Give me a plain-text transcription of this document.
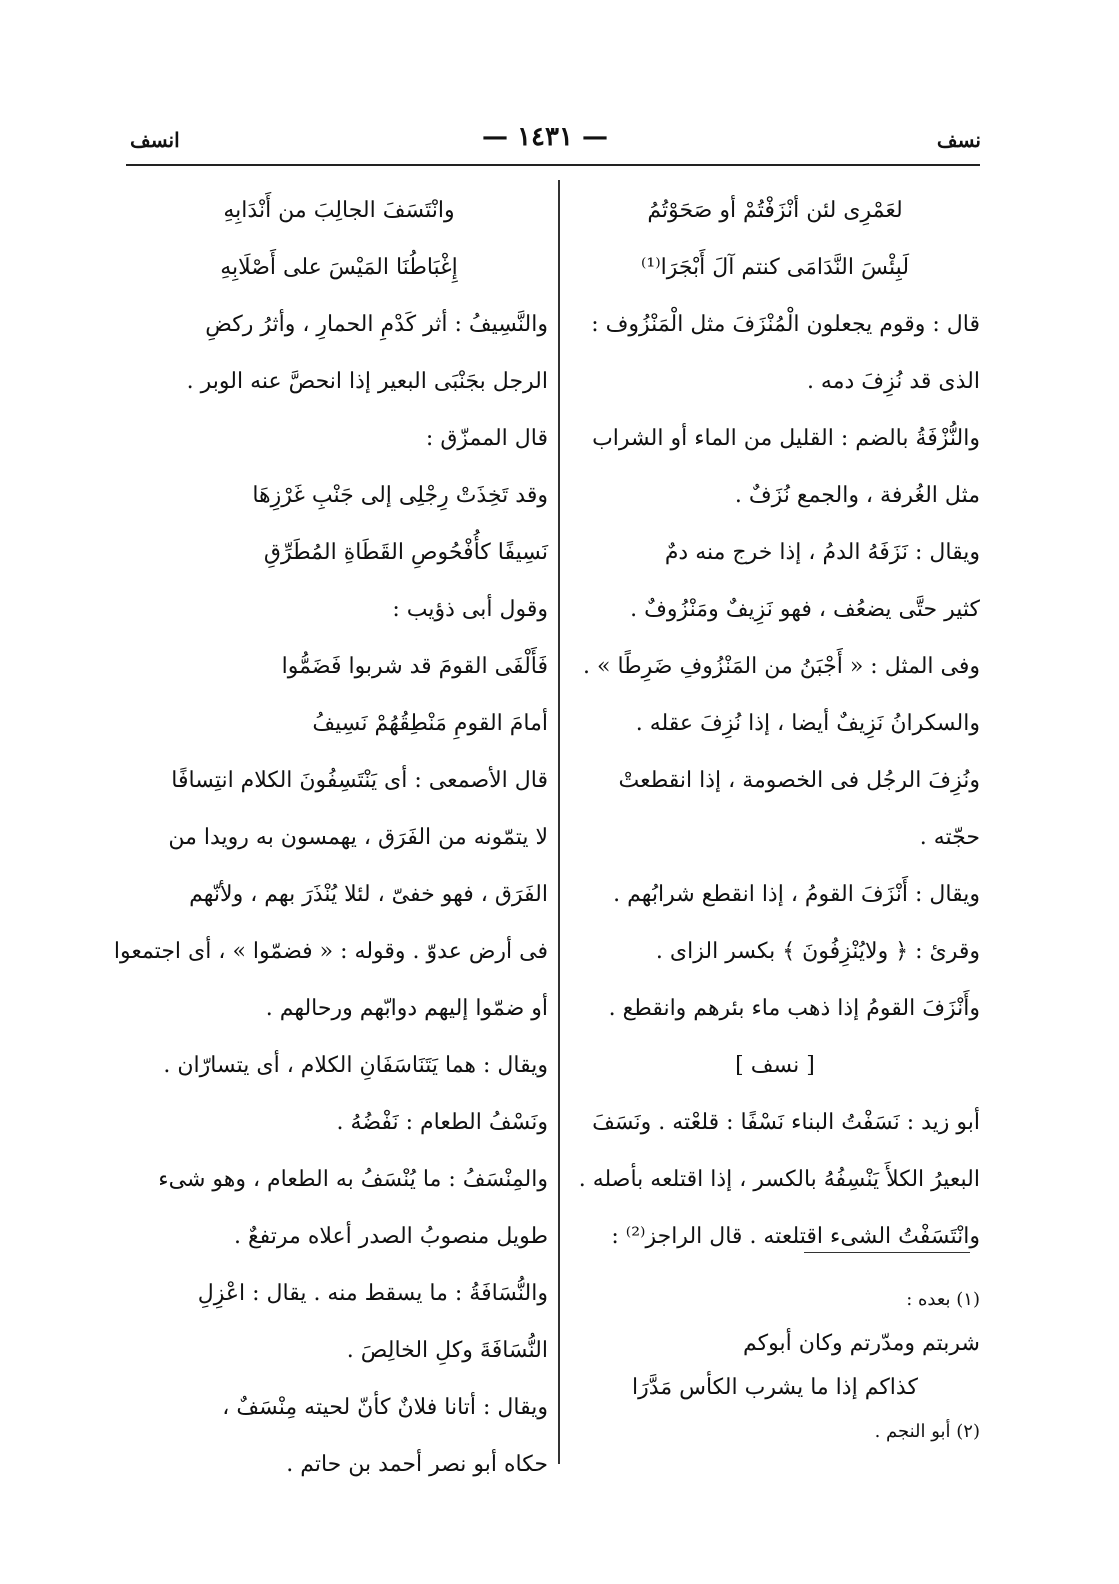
نسف
— ١٤٣١ —
انسف
لعَمْرِى لئن أنْزَفْتُمْ أو صَحَوْتُمُ
لَبِئْسَ النَّدَامَى كنتم آلَ أَبْجَرَا⁽¹⁾
قال : وقوم يجعلون الْمُنْزَفَ مثل الْمَنْزُوف :
الذى قد نُزِفَ دمه .
والنُّزْفَةُ بالضم : القليل من الماء أو الشراب
مثل الغُرفة ، والجمع نُزَفٌ .
ويقال : نَزَفَهُ الدمُ ، إذا خرج منه دمٌ
كثير حتَّى يضعُف ، فهو نَزِيفٌ ومَنْزُوفٌ .
وفى المثل : « أَجْبَنُ من المَنْزُوفِ ضَرِطًا » .
والسكرانُ نَزِيفٌ أيضا ، إذا نُزِفَ عقله .
ونُزِفَ الرجُل فى الخصومة ، إذا انقطعتْ
حجّته .
ويقال : أَنْزَفَ القومُ ، إذا انقطع شرابُهم .
وقرئ : ﴿ ولايُنْزِفُونَ ﴾ بكسر الزاى .
وأَنْزَفَ القومُ إذا ذهب ماء بئرهم وانقطع .
[ نسف ]
أبو زيد : نَسَفْتُ البناء نَسْفًا : قلعْته . ونَسَفَ
البعيرُ الكلأَ يَنْسِفُهُ بالكسر ، إذا اقتلعه بأصله .
وانْتَسَفْتُ الشىء اقتلعته . قال الراجز⁽²⁾ :
(١) بعده :
شربتم ومدّرتم وكان أبوكم
كذاكم إذا ما يشرب الكأس مَدَّرَا
(٢) أبو النجم .
وانْتَسَفَ الجالِبَ من أَنْدَابِهِ
إِغْبَاطُنَا المَيْسَ على أَصْلَابِهِ
والنَّسِيفُ : أثر كَدْمِ الحمارِ ، وأثرُ ركضِ
الرجل بجَنْبَى البعير إذا انحصَّ عنه الوبر .
قال الممزّق :
وقد تَخِذَتْ رِجْلِى إلى جَنْبِ غَرْزِهَا
نَسِيفًا كأُفْحُوصِ القَطَاةِ المُطَرِّقِ
وقول أبى ذؤيب :
فَأَلْفَى القومَ قد شربوا فَضَمُّوا
أمامَ القومِ مَنْطِقُهُمْ نَسِيفُ
قال الأصمعى : أى يَنْتَسِفُونَ الكلام انتِسافًا
لا يتمّونه من الفَرَق ، يهمسون به رويدا من
الفَرَق ، فهو خفىّ ، لئلا يُنْذَرَ بهم ، ولأنّهم
فى أرض عدوّ . وقوله : « فضمّوا » ، أى اجتمعوا
أو ضمّوا إليهم دوابّهم ورحالهم .
ويقال : هما يَتَنَاسَفَانِ الكلام ، أى يتسارّان .
ونَسْفُ الطعام : نَفْضُهُ .
والمِنْسَفُ : ما يُنْسَفُ به الطعام ، وهو شىء
طويل منصوبُ الصدر أعلاه مرتفعٌ .
والنُّسَافَةُ : ما يسقط منه . يقال : اعْزِلِ
النُّسَافَةَ وكلِ الخالِصَ .
ويقال : أتانا فلانٌ كأنّ لحيته مِنْسَفٌ ،
حكاه أبو نصر أحمد بن حاتم .
